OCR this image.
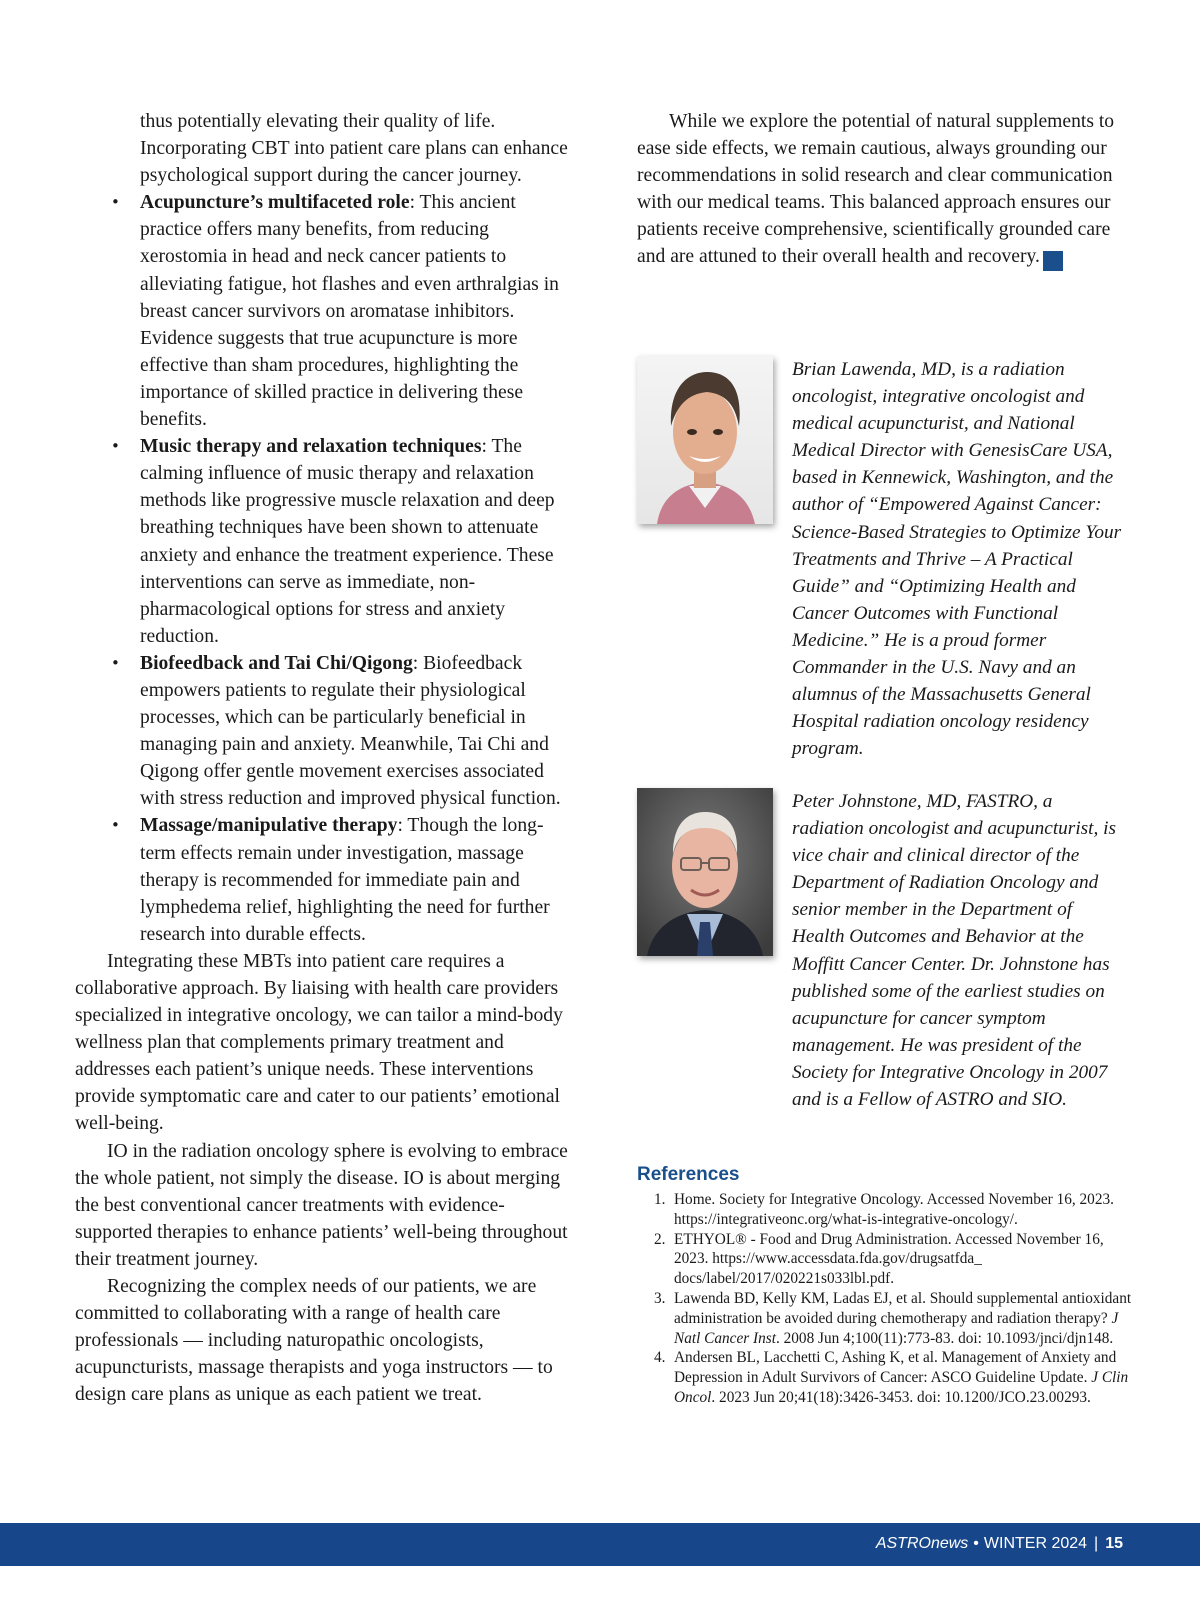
thus potentially elevating their quality of life. Incorporating CBT into patient care plans can enhance psychological support during the cancer journey.

• Acupuncture’s multifaceted role: This ancient practice offers many benefits, from reducing xerostomia in head and neck cancer patients to alleviating fatigue, hot flashes and even arthralgias in breast cancer survivors on aromatase inhibitors. Evidence suggests that true acupuncture is more effective than sham procedures, highlighting the importance of skilled practice in delivering these benefits.
• Music therapy and relaxation techniques: The calming influence of music therapy and relaxation methods like progressive muscle relaxation and deep breathing techniques have been shown to attenuate anxiety and enhance the treatment experience. These interventions can serve as immediate, non-pharmacological options for stress and anxiety reduction.
• Biofeedback and Tai Chi/Qigong: Biofeedback empowers patients to regulate their physiological processes, which can be particularly beneficial in managing pain and anxiety. Meanwhile, Tai Chi and Qigong offer gentle movement exercises associated with stress reduction and improved physical function.
• Massage/manipulative therapy: Though the long-term effects remain under investigation, massage therapy is recommended for immediate pain and lymphedema relief, highlighting the need for further research into durable effects.

Integrating these MBTs into patient care requires a collaborative approach. By liaising with health care providers specialized in integrative oncology, we can tailor a mind-body wellness plan that complements primary treatment and addresses each patient’s unique needs. These interventions provide symptomatic care and cater to our patients’ emotional well-being.

IO in the radiation oncology sphere is evolving to embrace the whole patient, not simply the disease. IO is about merging the best conventional cancer treatments with evidence-supported therapies to enhance patients’ well-being throughout their treatment journey.

Recognizing the complex needs of our patients, we are committed to collaborating with a range of health care professionals — including naturopathic oncologists, acupuncturists, massage therapists and yoga instructors — to design care plans as unique as each patient we treat.

While we explore the potential of natural supplements to ease side effects, we remain cautious, always grounding our recommendations in solid research and clear communication with our medical teams. This balanced approach ensures our patients receive comprehensive, scientifically grounded care and are attuned to their overall health and recovery. A

Brian Lawenda, MD, is a radiation oncologist, integrative oncologist and medical acupuncturist, and National Medical Director with GenesisCare USA, based in Kennewick, Washington, and the author of “Empowered Against Cancer: Science-Based Strategies to Optimize Your Treatments and Thrive – A Practical Guide” and “Optimizing Health and Cancer Outcomes with Functional Medicine.” He is a proud former Commander in the U.S. Navy and an alumnus of the Massachusetts General Hospital radiation oncology residency program.

Peter Johnstone, MD, FASTRO, a radiation oncologist and acupuncturist, is vice chair and clinical director of the Department of Radiation Oncology and senior member in the Department of Health Outcomes and Behavior at the Moffitt Cancer Center. Dr. Johnstone has published some of the earliest studies on acupuncture for cancer symptom management. He was president of the Society for Integrative Oncology in 2007 and is a Fellow of ASTRO and SIO.

References
1. Home. Society for Integrative Oncology. Accessed November 16, 2023. https://integrativeonc.org/what-is-integrative-oncology/.
2. ETHYOL® - Food and Drug Administration. Accessed November 16, 2023. https://www.accessdata.fda.gov/drugsatfda_ docs/label/2017/020221s033lbl.pdf.
3. Lawenda BD, Kelly KM, Ladas EJ, et al. Should supplemental antioxidant administration be avoided during chemotherapy and radiation therapy? J Natl Cancer Inst. 2008 Jun 4;100(11):773-83. doi: 10.1093/jnci/djn148.
4. Andersen BL, Lacchetti C, Ashing K, et al. Management of Anxiety and Depression in Adult Survivors of Cancer: ASCO Guideline Update. J Clin Oncol. 2023 Jun 20;41(18):3426-3453. doi: 10.1200/JCO.23.00293.
ASTROnews • WINTER 2024 | 15
